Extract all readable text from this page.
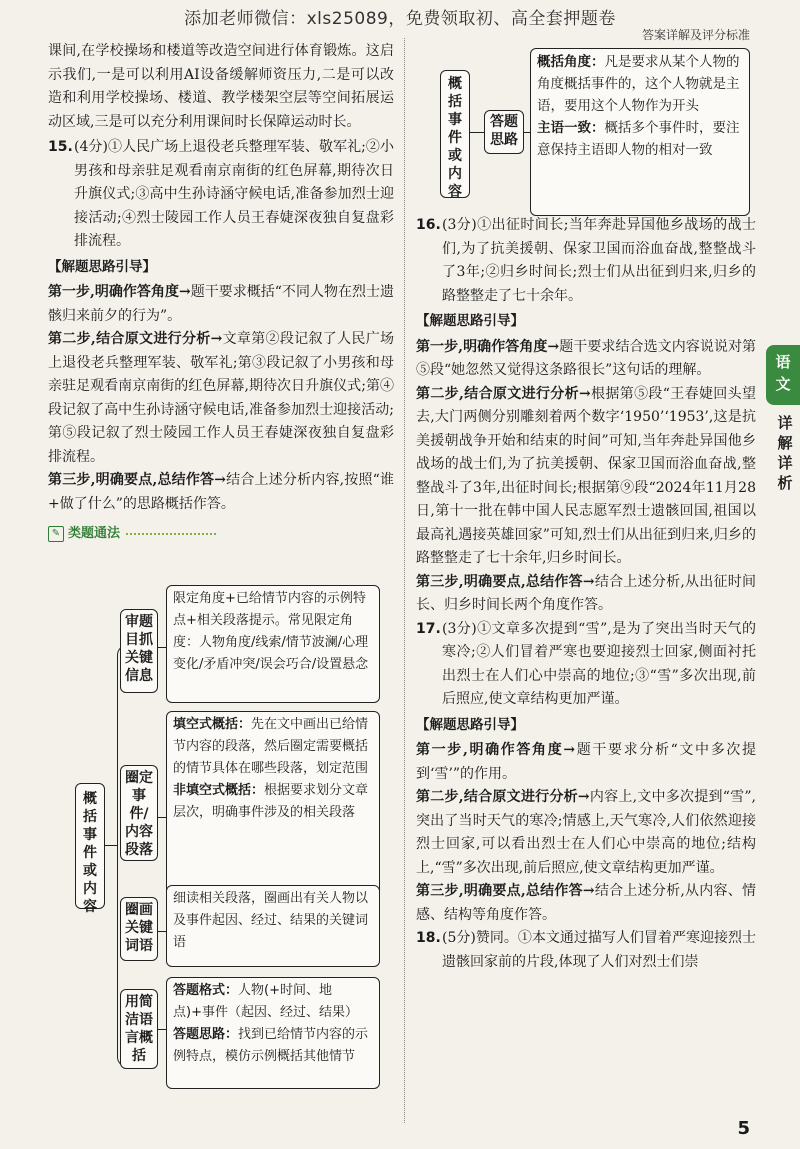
添加老师微信：xls25089，免费领取初、高全套押题卷
答案详解及评分标准

课间,在学校操场和楼道等改造空间进行体育锻炼。这启示我们,一是可以利用AI设备缓解师资压力,二是可以改造和利用学校操场、楼道、教学楼架空层等空间拓展运动区域,三是可以充分利用课间时长保障运动时长。

15.(4分)①人民广场上退役老兵整理军装、敬军礼;②小男孩和母亲驻足观看南京南街的红色屏幕,期待次日升旗仪式;③高中生孙诗涵守候电话,准备参加烈士迎接活动;④烈士陵园工作人员王春婕深夜独自复盘彩排流程。

【解题思路引导】

第一步,明确作答角度→题干要求概括“不同人物在烈士遗骸归来前夕的行为”。

第二步,结合原文进行分析→文章第②段记叙了人民广场上退役老兵整理军装、敬军礼;第③段记叙了小男孩和母亲驻足观看南京南街的红色屏幕,期待次日升旗仪式;第④段记叙了高中生孙诗涵守候电话,准备参加烈士迎接活动;第⑤段记叙了烈士陵园工作人员王春婕深夜独自复盘彩排流程。

第三步,明确要点,总结作答→结合上述分析内容,按照“谁+做了什么”的思路概括作答。

✎ 类题通法
概括事件或内容
审题目抓关键信息
限定角度+已给情节内容的示例特点+相关段落提示。常见限定角度：人物角度/线索/情节波澜/心理变化/矛盾冲突/误会巧合/设置悬念
圈定事件/内容段落
填空式概括：先在文中画出已给情节内容的段落，然后圈定需要概括的情节具体在哪些段落，划定范围
非填空式概括：根据要求划分文章层次，明确事件涉及的相关段落
圈画关键词语
细读相关段落，圈画出有关人物以及事件起因、经过、结果的关键词语
用简洁语言概括
答题格式：人物(+时间、地点)+事件（起因、经过、结果）
答题思路：找到已给情节内容的示例特点，模仿示例概括其他情节
概括事件或内容
答题思路
概括角度：凡是要求从某个人物的角度概括事件的，这个人物就是主语，要用这个人物作为开头
主语一致：概括多个事件时，要注意保持主语即人物的相对一致

16.(3分)①出征时间长;当年奔赴异国他乡战场的战士们,为了抗美援朝、保家卫国而浴血奋战,整整战斗了3年;②归乡时间长;烈士们从出征到归来,归乡的路整整走了七十余年。

【解题思路引导】

第一步,明确作答角度→题干要求结合选文内容说说对第⑤段“她忽然又觉得这条路很长”这句话的理解。

第二步,结合原文进行分析→根据第⑤段“王春婕回头望去,大门两侧分别雕刻着两个数字‘1950’‘1953’,这是抗美援朝战争开始和结束的时间”可知,当年奔赴异国他乡战场的战士们,为了抗美援朝、保家卫国而浴血奋战,整整战斗了3年,出征时间长;根据第⑨段“2024年11月28日,第十一批在韩中国人民志愿军烈士遗骸回国,祖国以最高礼遇接英雄回家”可知,烈士们从出征到归来,归乡的路整整走了七十余年,归乡时间长。

第三步,明确要点,总结作答→结合上述分析,从出征时间长、归乡时间长两个角度作答。

17.(3分)①文章多次提到“雪”,是为了突出当时天气的寒冷;②人们冒着严寒也要迎接烈士回家,侧面衬托出烈士在人们心中崇高的地位;③“雪”多次出现,前后照应,使文章结构更加严谨。

【解题思路引导】

第一步,明确作答角度→题干要求分析“文中多次提到‘雪’”的作用。

第二步,结合原文进行分析→内容上,文中多次提到“雪”,突出了当时天气的寒冷;情感上,天气寒冷,人们依然迎接烈士回家,可以看出烈士在人们心中崇高的地位;结构上,“雪”多次出现,前后照应,使文章结构更加严谨。

第三步,明确要点,总结作答→结合上述分析,从内容、情感、结构等角度作答。

18.(5分)赞同。①本文通过描写人们冒着严寒迎接烈士遗骸回家前的片段,体现了人们对烈士们崇

语文
详解详析
5
